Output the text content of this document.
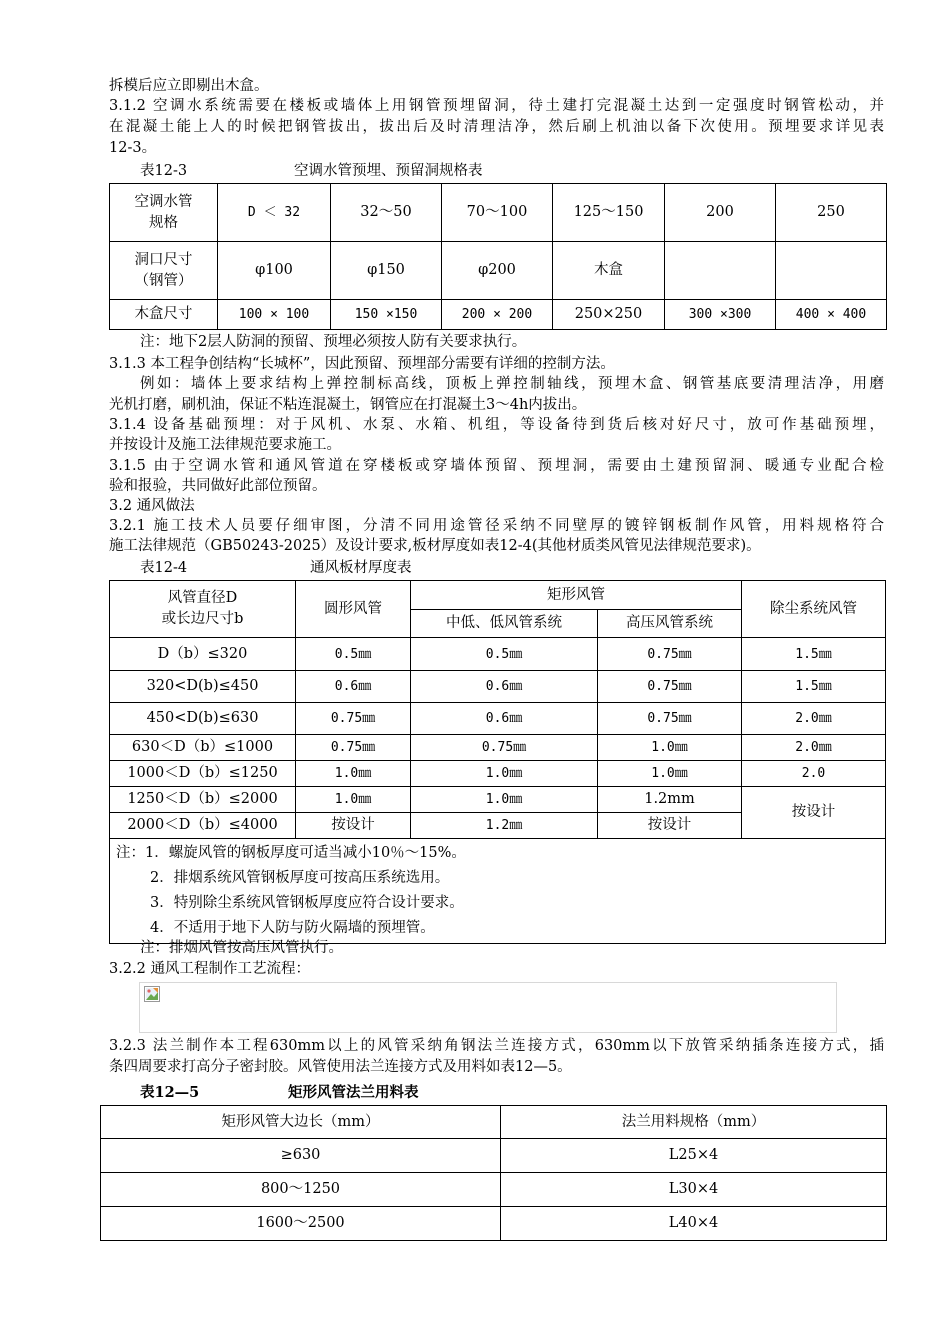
拆模后应立即剔出木盒。
3.1.2 空调水系统需要在楼板或墙体上用钢管预埋留洞，待土建打完混凝土达到一定强度时钢管松动，并
在混凝土能上人的时候把钢管拔出，拔出后及时清理洁净，然后刷上机油以备下次使用。预埋要求详见表
12-3。
表12-3	空调水管预埋、预留洞规格表
空调水管
规格	D ＜ 32	32～50	70～100	125～150	200	250
洞口尺寸
（钢管）	φ100	φ150	φ200	木盒		
木盒尺寸	100 × 100	150 ×150	200 × 200	250×250	300 ×300	400 × 400
注：地下2层人防洞的预留、预埋必须按人防有关要求执行。
3.1.3 本工程争创结构“长城杯”，因此预留、预埋部分需要有详细的控制方法。
例如：墙体上要求结构上弹控制标高线，顶板上弹控制轴线，预埋木盒、钢管基底要清理洁净，用磨
光机打磨，刷机油，保证不粘连混凝土，钢管应在打混凝土3～4h内拔出。
3.1.4 设备基础预埋：对于风机、水泵、水箱、机组，等设备待到货后核对好尺寸，放可作基础预埋，
并按设计及施工法律规范要求施工。
3.1.5 由于空调水管和通风管道在穿楼板或穿墙体预留、预埋洞，需要由土建预留洞、暖通专业配合检
验和报验，共同做好此部位预留。
3.2 通风做法
3.2.1 施工技术人员要仔细审图，分清不同用途管径采纳不同壁厚的镀锌钢板制作风管，用料规格符合
施工法律规范（GB50243-2025）及设计要求,板材厚度如表12-4(其他材质类风管见法律规范要求)。
表12-4	通风板材厚度表
风管直径D
或长边尺寸b	圆形风管	矩形风管		除尘系统风管
		中低、低风管系统	高压风管系统	
D（b）≤320	0.5㎜	0.5㎜	0.75㎜	1.5㎜
320<D(b)≤450	0.6㎜	0.6㎜	0.75㎜	1.5㎜
450<D(b)≤630	0.75㎜	0.6㎜	0.75㎜	2.0㎜
630＜D（b）≤1000	0.75㎜	0.75㎜	1.0㎜	2.0㎜
1000＜D（b）≤1250	1.0㎜	1.0㎜	1.0㎜	2.0
1250＜D（b）≤2000	1.0㎜	1.0㎜	1.2mm	按设计
2000＜D（b）≤4000	按设计	1.2㎜	按设计	

注：1．螺旋风管的钢板厚度可适当减小10％～15%。
2．排烟系统风管钢板厚度可按高压系统选用。
3．特别除尘系统风管钢板厚度应符合设计要求。
4．不适用于地下人防与防火隔墙的预埋管。				
注：排烟风管按高压风管执行。
3.2.2 通风工程制作工艺流程：
3.2.3 法兰制作本工程630mm以上的风管采纳角钢法兰连接方式，630mm以下放管采纳插条连接方式，插
条四周要求打高分子密封胶。风管使用法兰连接方式及用料如表12—5。
表12—5	矩形风管法兰用料表
矩形风管大边长（mm）	法兰用料规格（mm）
≥630	L25×4
800～1250	L30×4
1600～2500	L40×4
